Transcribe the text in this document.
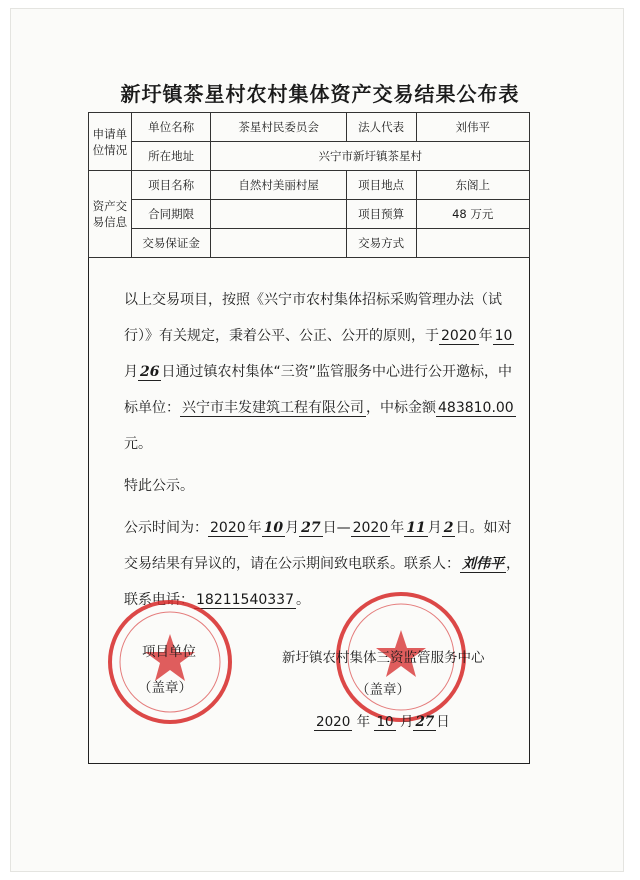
新圩镇茶星村农村集体资产交易结果公布表
申请单位情况	单位名称	茶星村民委员会	法人代表	刘伟平
	所在地址	兴宁市新圩镇茶星村		
资产交易信息	项目名称	自然村美丽村屋	项目地点	东阁上
	合同期限		项目预算	48 万元
	交易保证金		交易方式	

以上交易项目，按照《兴宁市农村集体招标采购管理办法（试行）》有关规定，秉着公平、公正、公开的原则，于 2020 年 10月 26 日通过镇农村集体“三资”监管服务中心进行公开邀标，中标单位： 兴宁市丰发建筑工程有限公司 ，中标金额 483810.00元。

特此公示。

公示时间为： 2020 年 10 月 27 日— 2020 年 11 月 2 日。如对交易结果有异议的，请在公示期间致电联系。联系人： 刘伟平 ，联系电话： 18211540337 。

项目单位
（盖章）
新圩镇农村集体三资监管服务中心
（盖章）
2020 年 10 月 27 日
